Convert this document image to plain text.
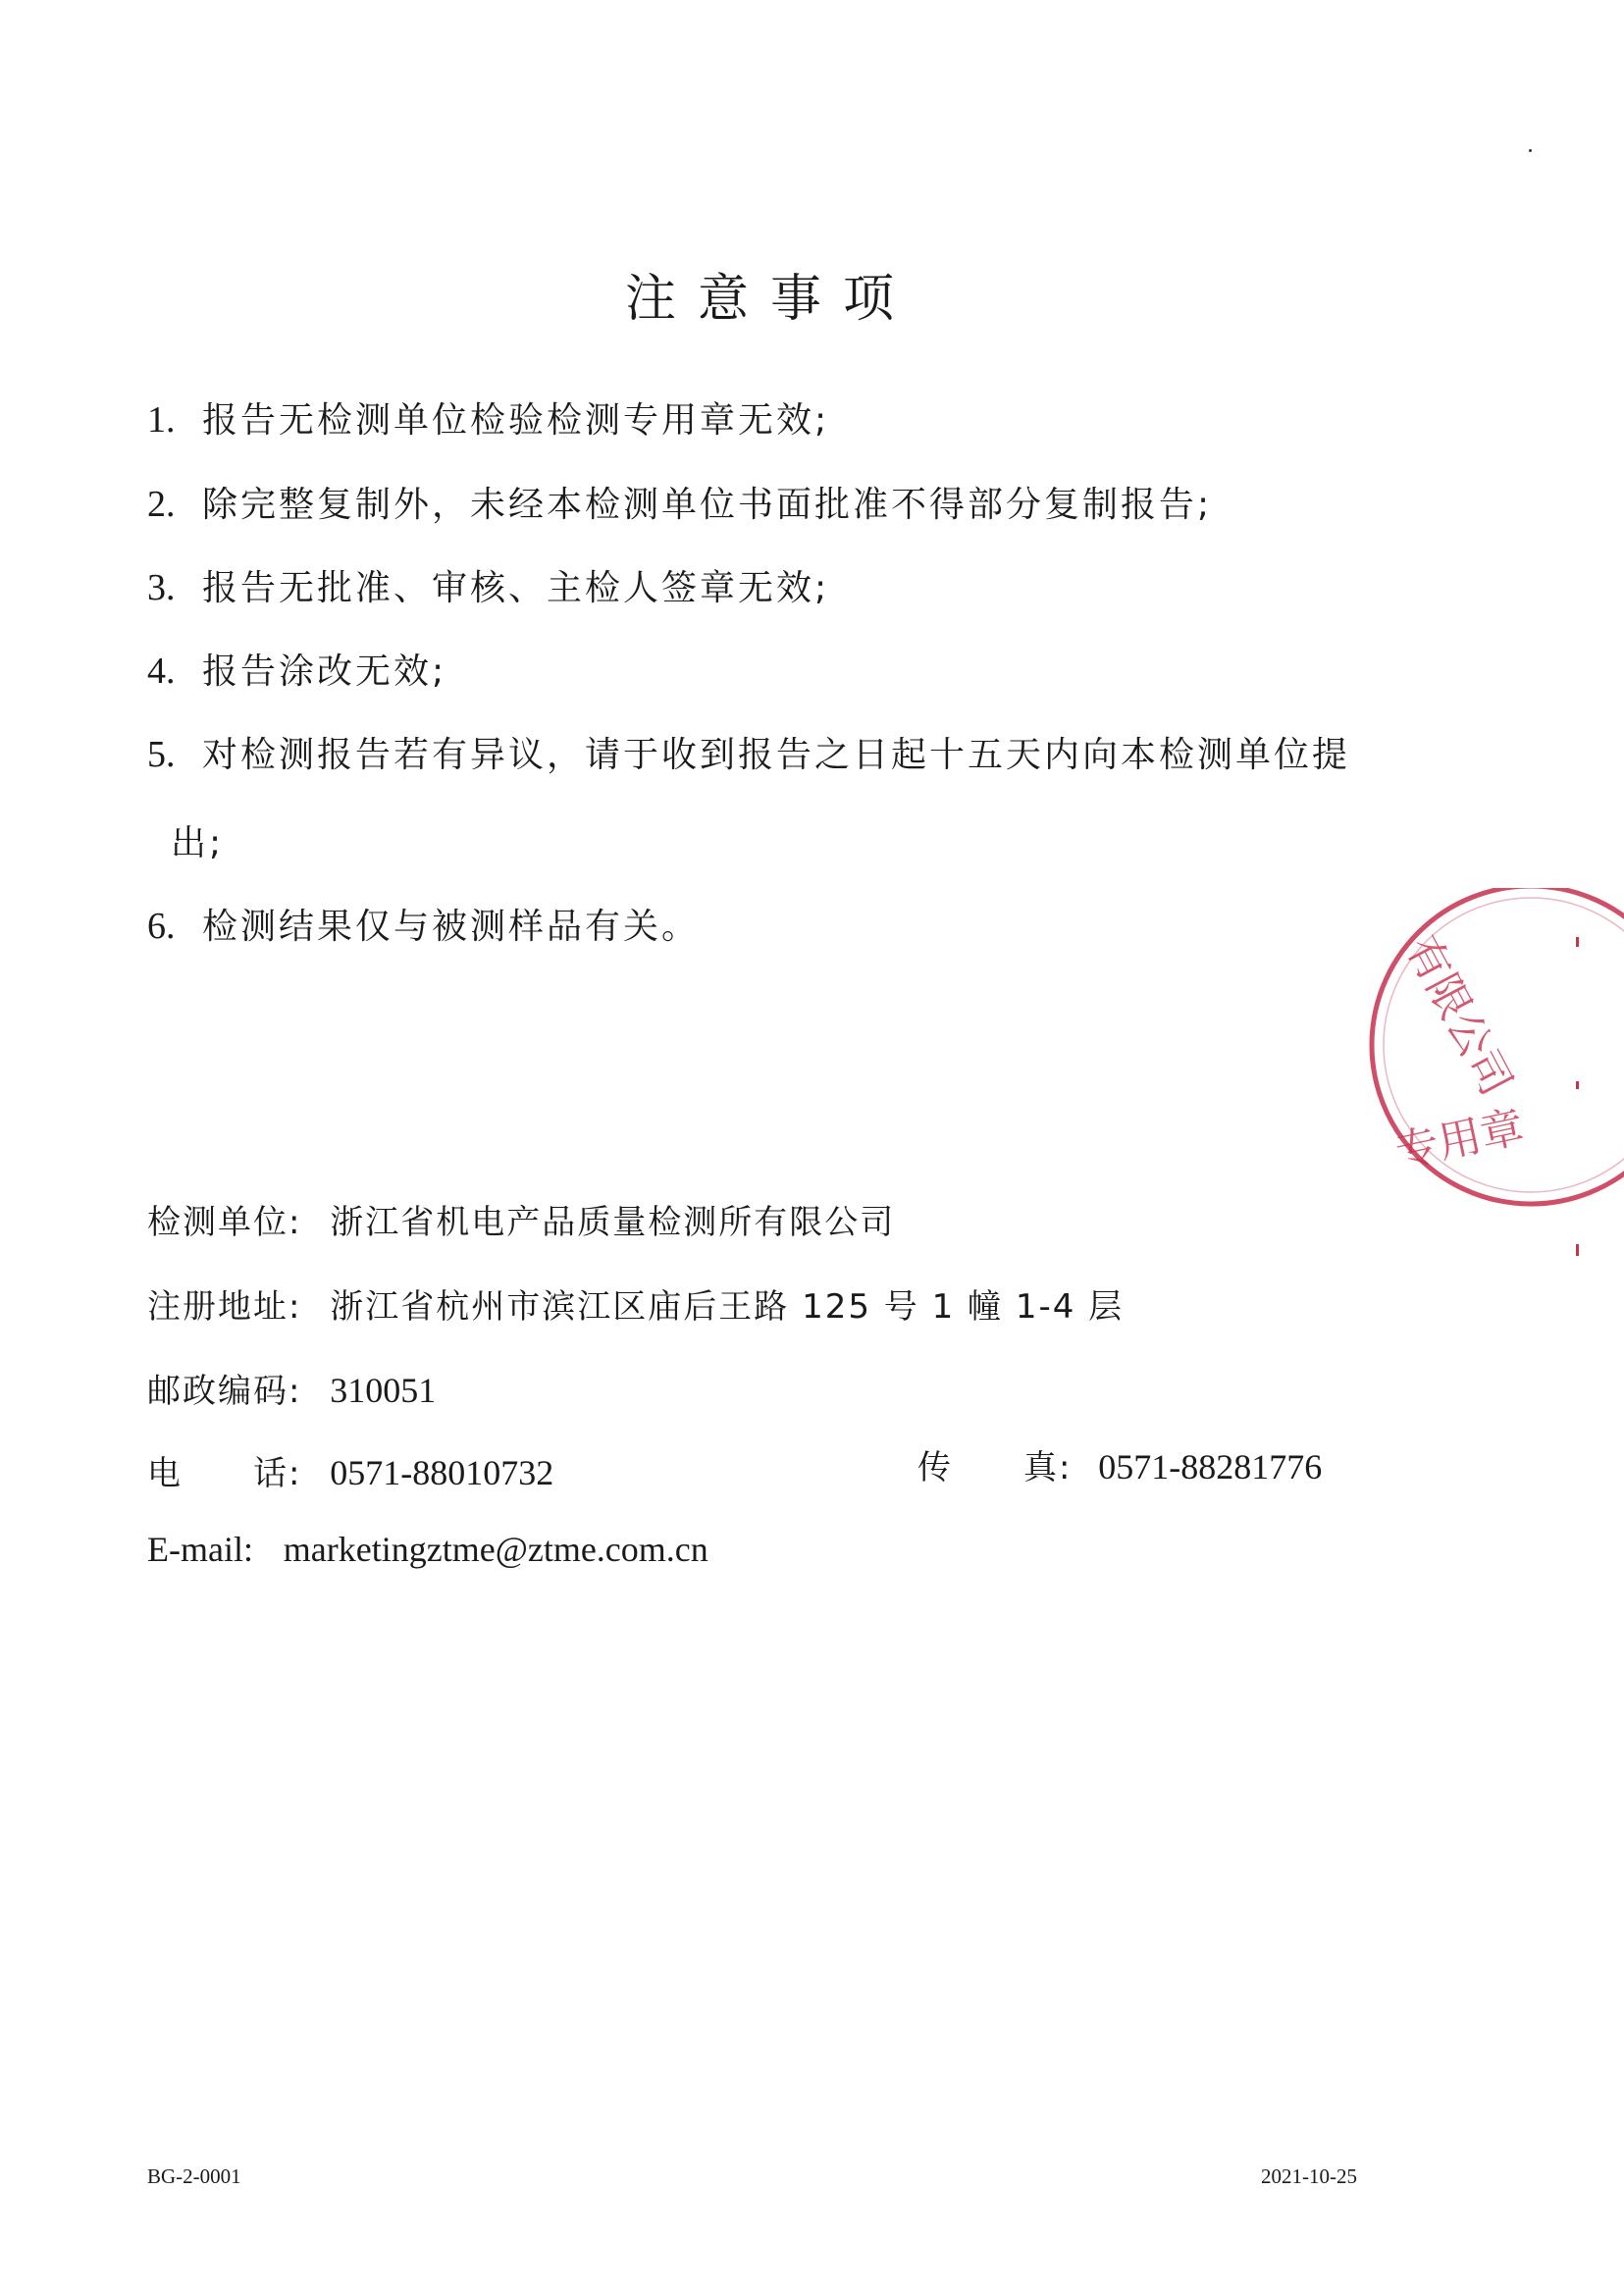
注意事项
1. 报告无检测单位检验检测专用章无效;
2. 除完整复制外，未经本检测单位书面批准不得部分复制报告;
3. 报告无批准、审核、主检人签章无效;
4. 报告涂改无效;
5. 对检测报告若有异议，请于收到报告之日起十五天内向本检测单位提
出;
6. 检测结果仅与被测样品有关。
有限公司
专用章
检测单位: 浙江省机电产品质量检测所有限公司
注册地址: 浙江省杭州市滨江区庙后王路 125 号 1 幢 1-4 层
邮政编码: 310051
电　　话: 0571-88010732	传　　真: 0571-88281776
E-mail: marketingztme@ztme.com.cn
BG-2-0001	2021-10-25
